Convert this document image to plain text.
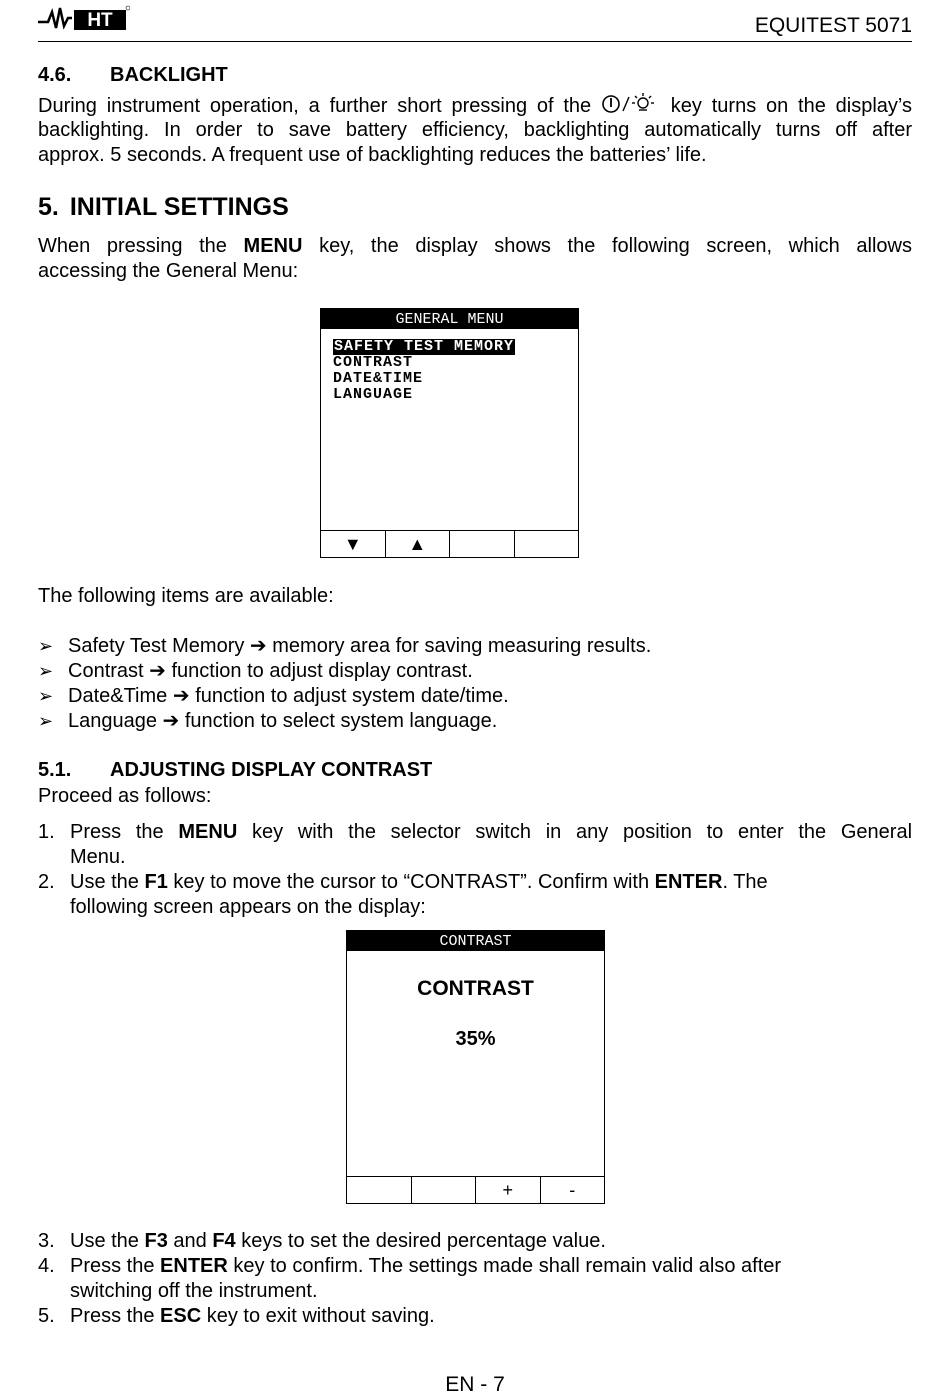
HT	EQUITEST 5071
4.6. BACKLIGHT
During instrument operation, a further short pressing of the	key turns on the display’s
backlighting. In order to save battery efficiency, backlighting automatically turns off after
approx. 5 seconds. A frequent use of backlighting reduces the batteries’ life.
5. INITIAL SETTINGS
When pressing the MENU key, the display shows the following screen, which allows
accessing the General Menu:
GENERAL MENU
SAFETY TEST MEMORY
CONTRAST
DATE&TIME
LANGUAGE
▼	▲
The following items are available:
➢ Safety Test Memory
➔
memory area for saving measuring results.
➢ Contrast
➔
function to adjust display contrast.
➢ Date&Time
➔
function to adjust system date/time.
➢ Language
➔
function to select system language.
5.1. ADJUSTING DISPLAY CONTRAST
Proceed as follows:
1. Press the MENU key with the selector switch in any position to enter the General
Menu.
2. Use the F1 key to move the cursor to “CONTRAST”. Confirm with ENTER. The
following screen appears on the display:
CONTRAST
CONTRAST
35%
+	-
3. Use the F3 and F4 keys to set the desired percentage value.
4. Press the ENTER key to confirm. The settings made shall remain valid also after
switching off the instrument.
5. Press the ESC key to exit without saving.
EN - 7
